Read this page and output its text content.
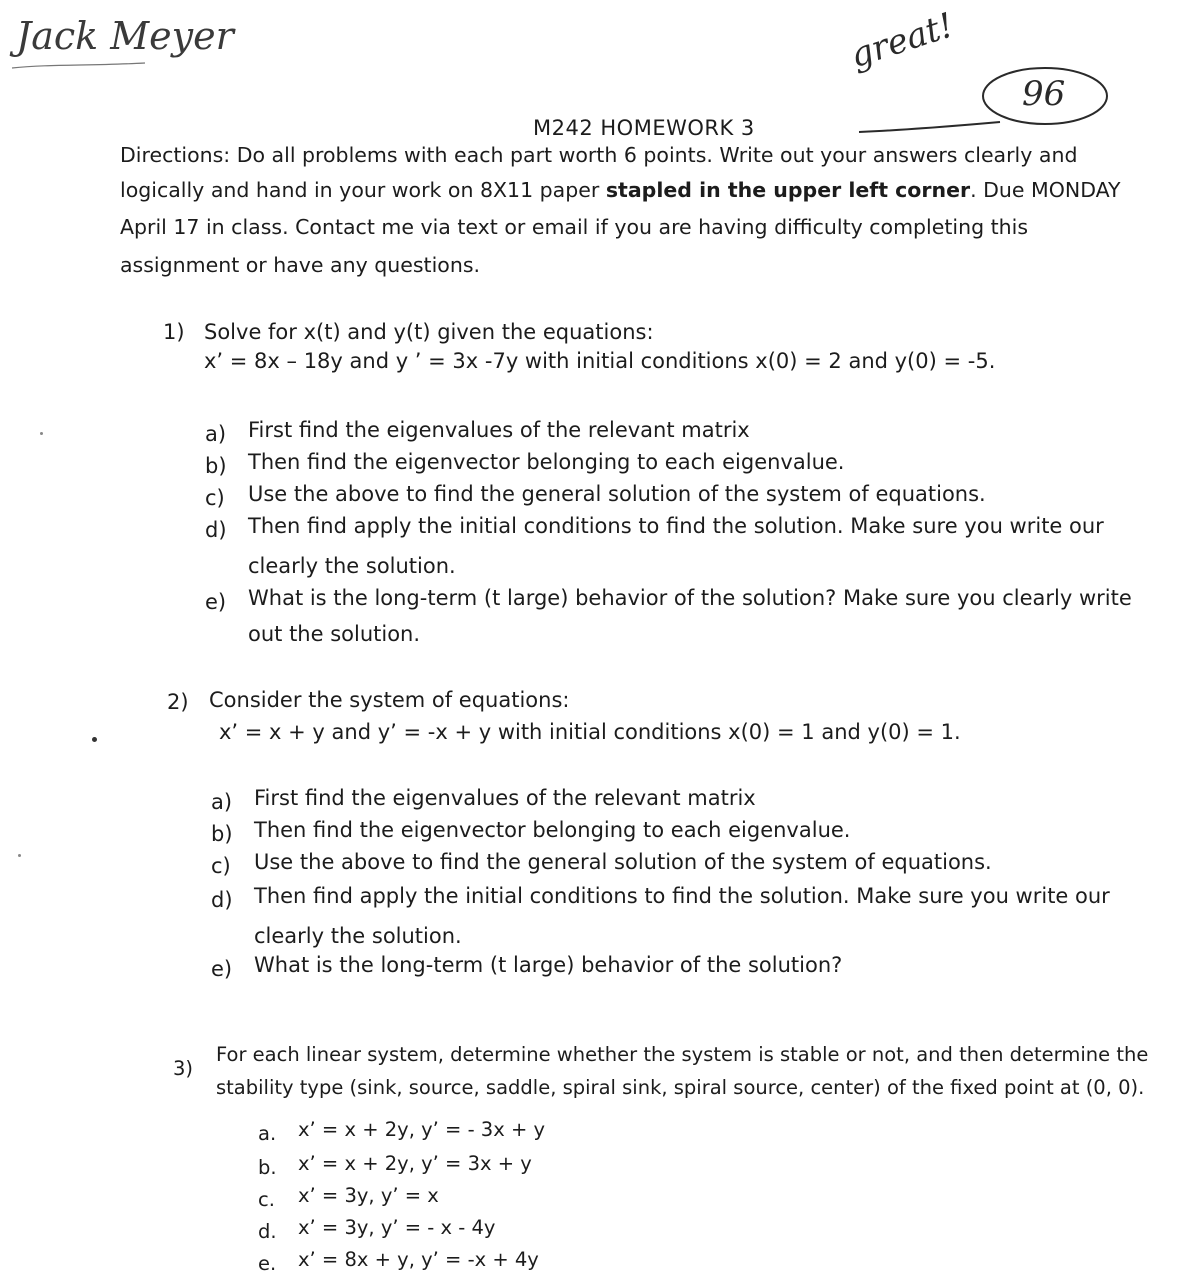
Jack Meyer	great!
96
M242 HOMEWORK 3
Directions: Do all problems with each part worth 6 points. Write out your answers clearly and
logically and hand in your work on 8X11 paper stapled in the upper left corner. Due MONDAY
April 17 in class. Contact me via text or email if you are having difficulty completing this
assignment or have any questions.
1) Solve for x(t) and y(t) given the equations:
x’ = 8x – 18y and y ’ = 3x -7y with initial conditions x(0) = 2 and y(0) = -5.
a) First find the eigenvalues of the relevant matrix
b) Then find the eigenvector belonging to each eigenvalue.
c) Use the above to find the general solution of the system of equations.
d) Then find apply the initial conditions to find the solution. Make sure you write our
clearly the solution.
e) What is the long-term (t large) behavior of the solution? Make sure you clearly write
out the solution.
2) Consider the system of equations:
x’ = x + y and y’ = -x + y with initial conditions x(0) = 1 and y(0) = 1.
a) First find the eigenvalues of the relevant matrix
b) Then find the eigenvector belonging to each eigenvalue.
c) Use the above to find the general solution of the system of equations.
d) Then find apply the initial conditions to find the solution. Make sure you write our
clearly the solution.
e) What is the long-term (t large) behavior of the solution?
3)
For each linear system, determine whether the system is stable or not, and then determine the
stability type (sink, source, saddle, spiral sink, spiral source, center) of the fixed point at (0, 0).
a. x’ = x + 2y, y’ = - 3x + y
b. x’ = x + 2y, y’ = 3x + y
c. x’ = 3y, y’ = x
d. x’ = 3y, y’ = - x - 4y
e. x’ = 8x + y, y’ = -x + 4y
